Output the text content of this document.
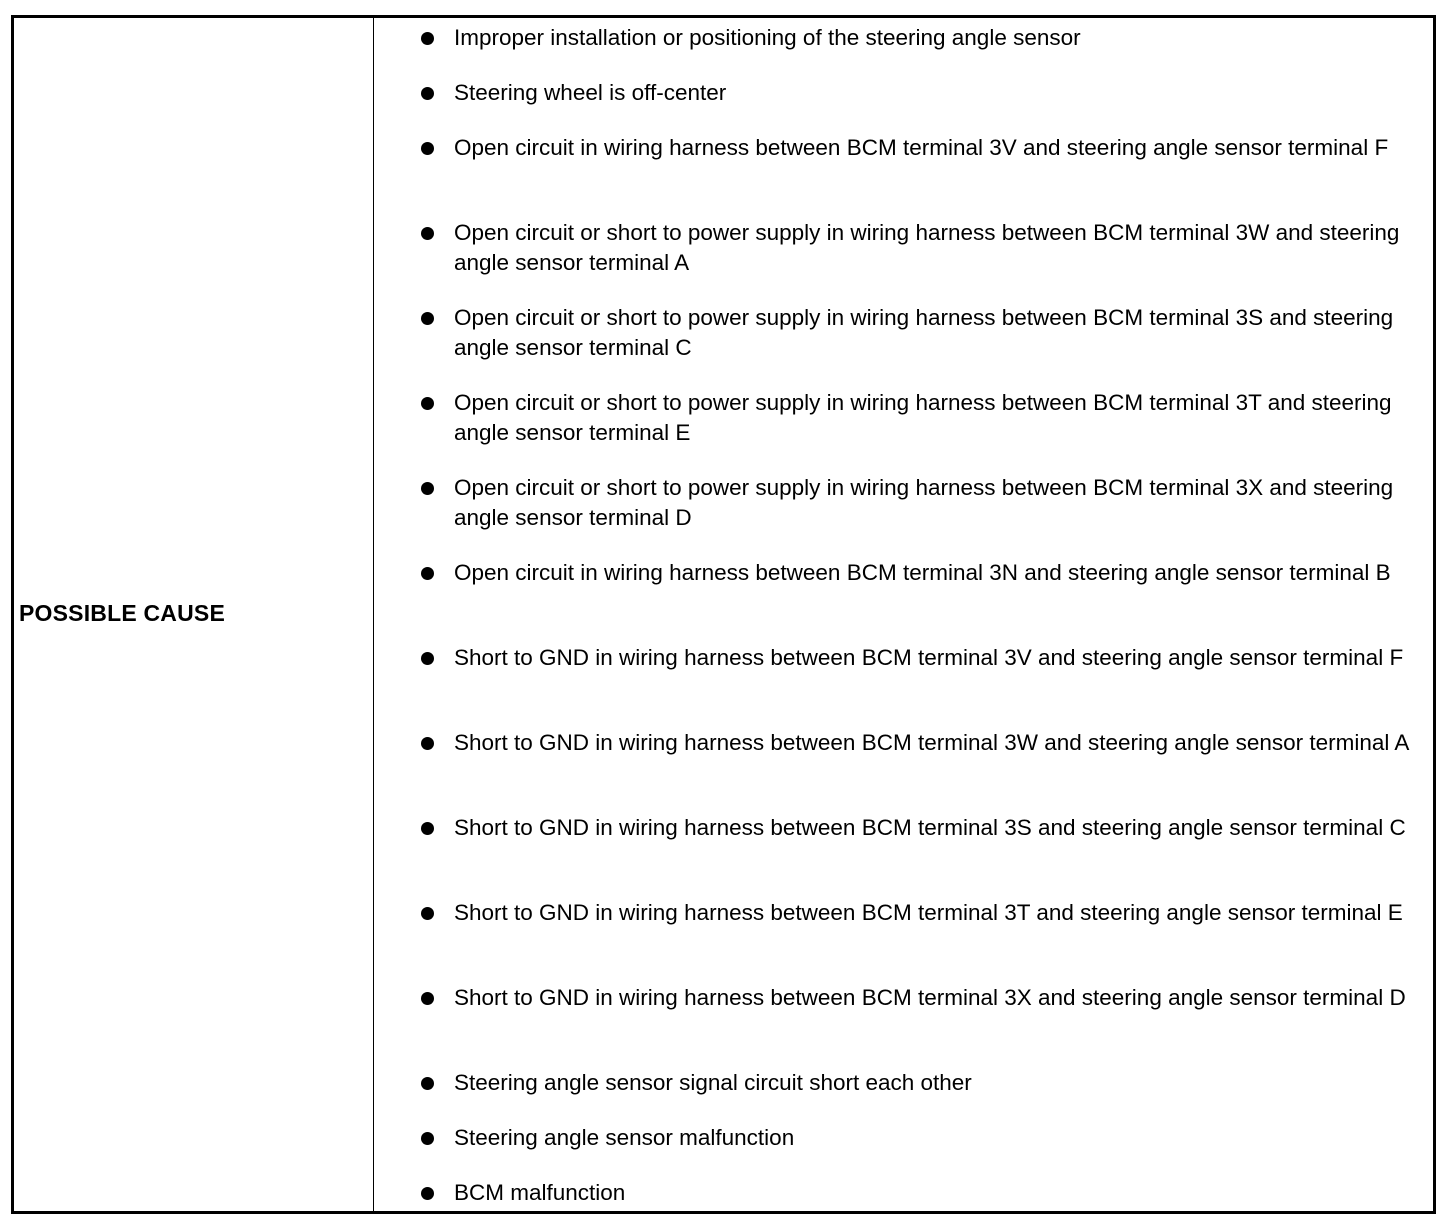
POSSIBLE CAUSE
Improper installation or positioning of the steering angle sensor
Steering wheel is off-center
Open circuit in wiring harness between BCM terminal 3V and steering angle sensor terminal F
Open circuit or short to power supply in wiring harness between BCM terminal 3W and steering angle sensor terminal A
Open circuit or short to power supply in wiring harness between BCM terminal 3S and steering angle sensor terminal C
Open circuit or short to power supply in wiring harness between BCM terminal 3T and steering angle sensor terminal E
Open circuit or short to power supply in wiring harness between BCM terminal 3X and steering angle sensor terminal D
Open circuit in wiring harness between BCM terminal 3N and steering angle sensor terminal B
Short to GND in wiring harness between BCM terminal 3V and steering angle sensor terminal F
Short to GND in wiring harness between BCM terminal 3W and steering angle sensor terminal A
Short to GND in wiring harness between BCM terminal 3S and steering angle sensor terminal C
Short to GND in wiring harness between BCM terminal 3T and steering angle sensor terminal E
Short to GND in wiring harness between BCM terminal 3X and steering angle sensor terminal D
Steering angle sensor signal circuit short each other
Steering angle sensor malfunction
BCM malfunction
